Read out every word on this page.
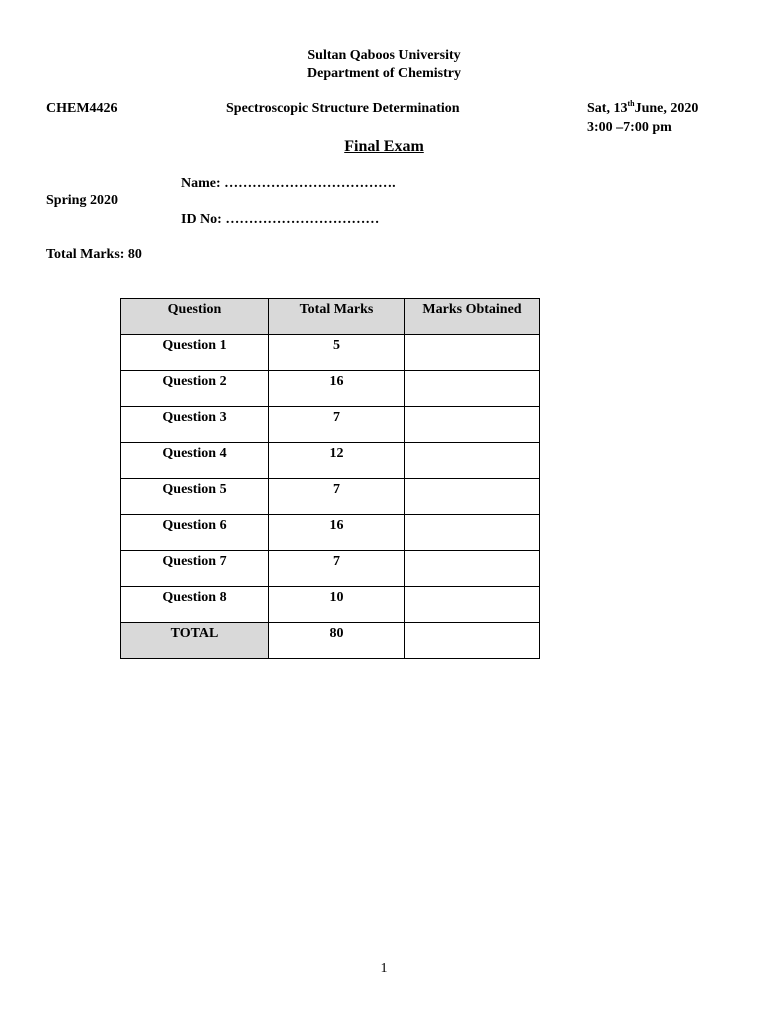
Sultan Qaboos University
Department of Chemistry
CHEM4426	Spectroscopic Structure Determination	Sat, 13thJune, 2020
3:00 –7:00 pm
Final Exam
Name: ……………………………….
Spring 2020
ID No: ……………………………
Total Marks: 80
Question	Total Marks	Marks Obtained

Question 1	5	

Question 2	16	

Question 3	7	

Question 4	12	

Question 5	7	

Question 6	16	

Question 7	7	

Question 8	10	

TOTAL	80	

1
